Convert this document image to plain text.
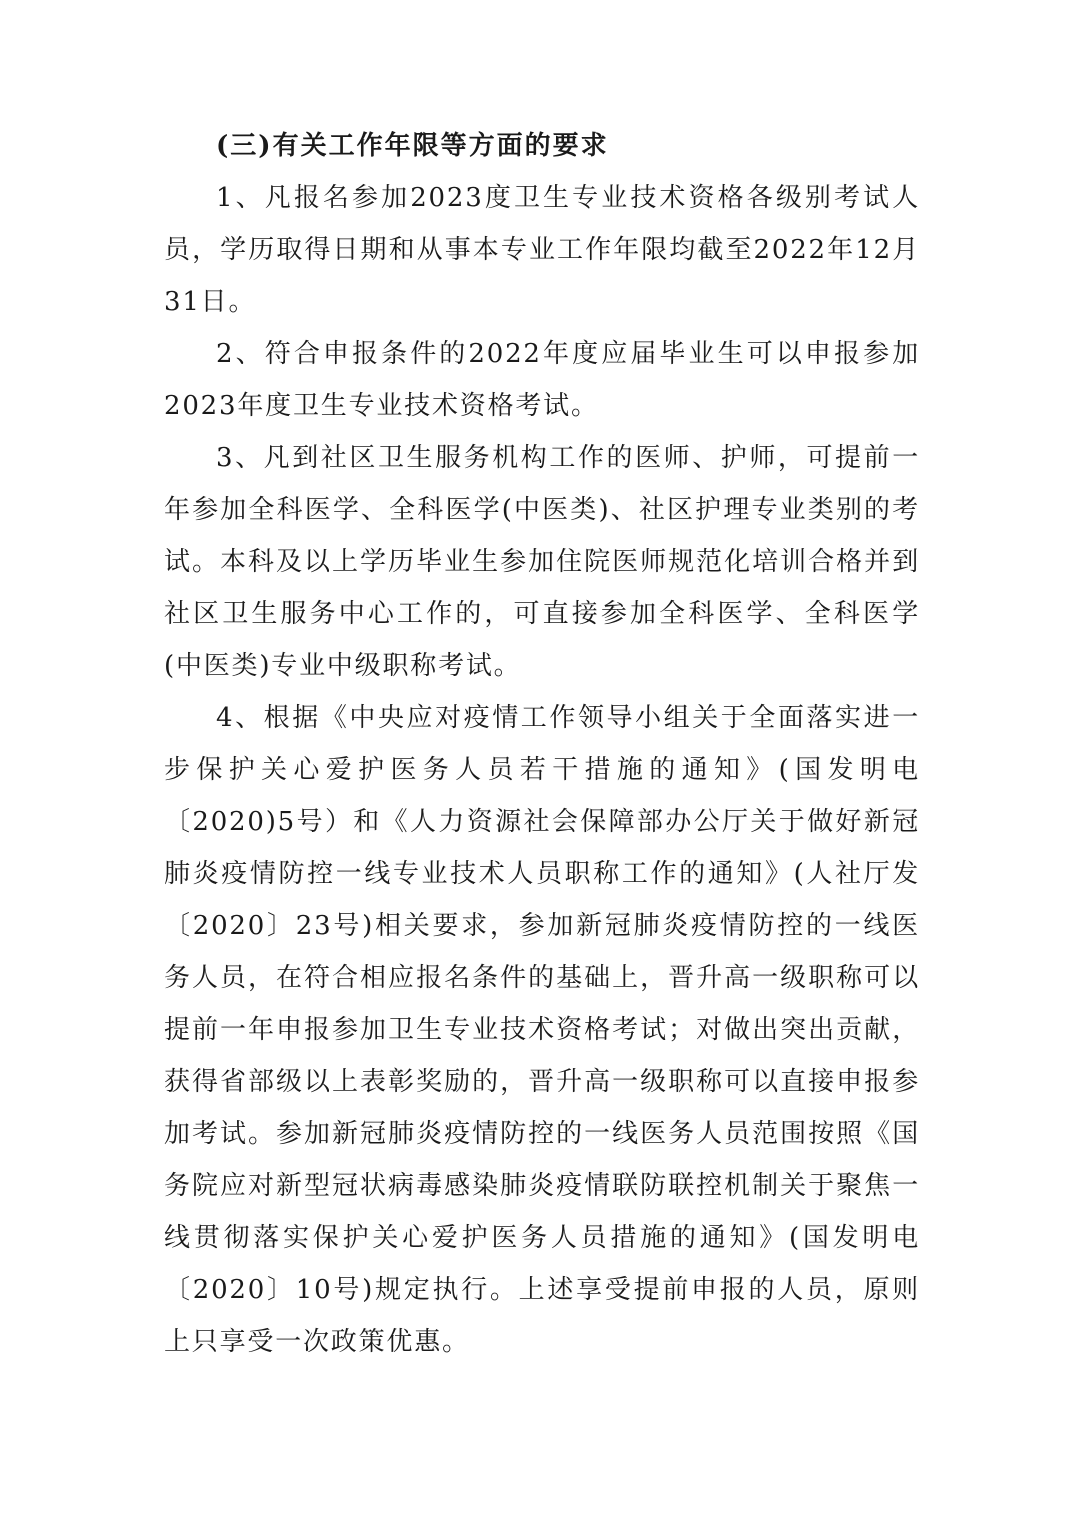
(三)有关工作年限等方面的要求

1、凡报名参加2023度卫生专业技术资格各级别考试人员，学历取得日期和从事本专业工作年限均截至2022年12月31日。

2、符合申报条件的2022年度应届毕业生可以申报参加2023年度卫生专业技术资格考试。

3、凡到社区卫生服务机构工作的医师、护师，可提前一年参加全科医学、全科医学(中医类)、社区护理专业类别的考试。本科及以上学历毕业生参加住院医师规范化培训合格并到社区卫生服务中心工作的，可直接参加全科医学、全科医学(中医类)专业中级职称考试。

4、根据《中央应对疫情工作领导小组关于全面落实进一步保护关心爱护医务人员若干措施的通知》(国发明电〔2020)5号）和《人力资源社会保障部办公厅关于做好新冠肺炎疫情防控一线专业技术人员职称工作的通知》(人社厅发〔2020〕23号)相关要求，参加新冠肺炎疫情防控的一线医务人员，在符合相应报名条件的基础上，晋升高一级职称可以提前一年申报参加卫生专业技术资格考试；对做出突出贡献，获得省部级以上表彰奖励的，晋升高一级职称可以直接申报参加考试。参加新冠肺炎疫情防控的一线医务人员范围按照《国务院应对新型冠状病毒感染肺炎疫情联防联控机制关于聚焦一线贯彻落实保护关心爱护医务人员措施的通知》(国发明电〔2020〕10号)规定执行。上述享受提前申报的人员，原则上只享受一次政策优惠。
